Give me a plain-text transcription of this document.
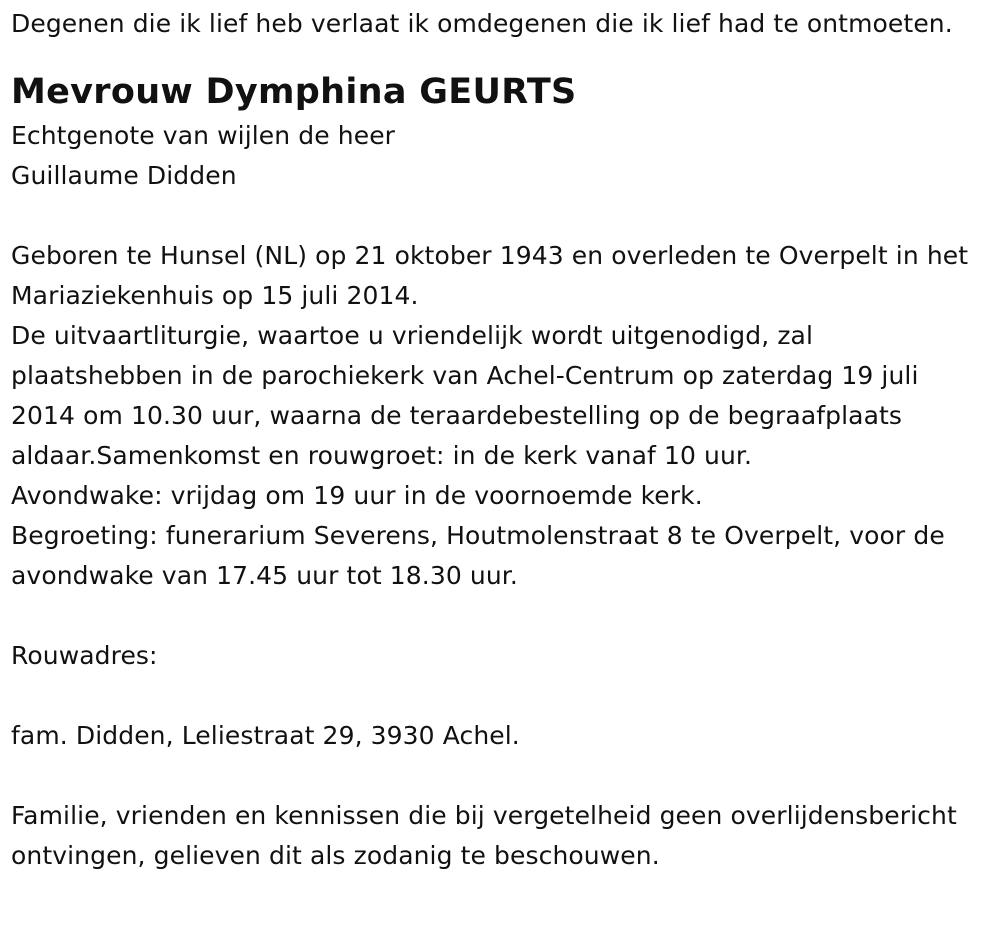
Degenen die ik lief heb verlaat ik omdegenen die ik lief had te ontmoeten.

Mevrouw Dymphina GEURTS

Echtgenote van wijlen de heer

Guillaume Didden

Geboren te Hunsel (NL) op 21 oktober 1943 en overleden te Overpelt in het Mariaziekenhuis op 15 juli 2014.

De uitvaartliturgie, waartoe u vriendelijk wordt uitgenodigd, zal plaatshebben in de parochiekerk van Achel-Centrum op zaterdag 19 juli 2014 om 10.30 uur, waarna de teraardebestelling op de begraafplaats aldaar.Samenkomst en rouwgroet: in de kerk vanaf 10 uur.

Avondwake: vrijdag om 19 uur in de voornoemde kerk.

Begroeting: funerarium Severens, Houtmolenstraat 8 te Overpelt, voor de avondwake van 17.45 uur tot 18.30 uur.

Rouwadres:

fam. Didden, Leliestraat 29, 3930 Achel.

Familie, vrienden en kennissen die bij vergetelheid geen overlijdensbericht ontvingen, gelieven dit als zodanig te beschouwen.
